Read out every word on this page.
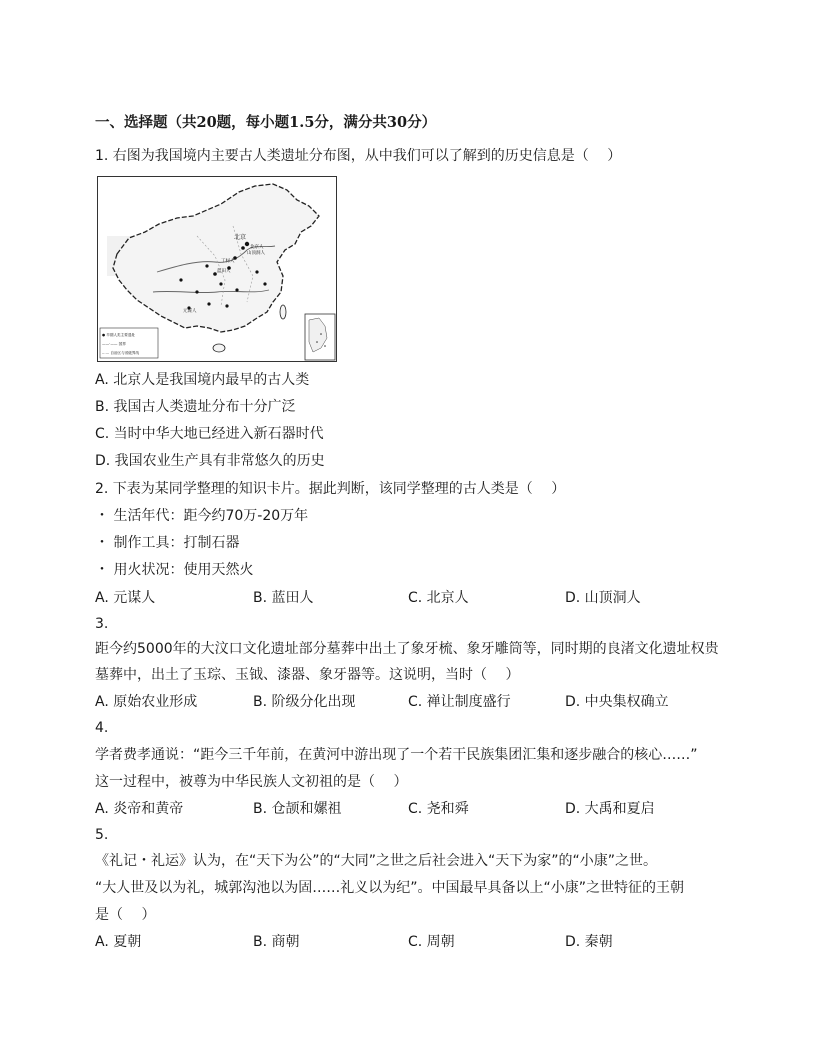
一、选择题（共20题，每小题1.5分，满分共30分）
1. 右图为我国境内主要古人类遗址分布图，从中我们可以了解到的历史信息是（　 ）
北京
北京人
丁村人
蓝田人
元谋人
山顶洞人
● 早期人类主要遗址
——·—— 国界
…… 自治区与省级界线
A. 北京人是我国境内最早的古人类
B. 我国古人类遗址分布十分广泛
C. 当时中华大地已经进入新石器时代
D. 我国农业生产具有非常悠久的历史
2. 下表为某同学整理的知识卡片。据此判断，该同学整理的古人类是（　 ）
・ 生活年代：距今约70万-20万年
・ 制作工具：打制石器
・ 用火状况：使用天然火
A. 元谋人	B. 蓝田人	C. 北京人	D. 山顶洞人
3.
距今约5000年的大汶口文化遗址部分墓葬中出土了象牙梳、象牙雕筒等，同时期的良渚文化遗址权贵
墓葬中，出土了玉琮、玉钺、漆器、象牙器等。这说明，当时（　 ）
A. 原始农业形成	B. 阶级分化出现	C. 禅让制度盛行	D. 中央集权确立
4.
学者费孝通说：“距今三千年前，在黄河中游出现了一个若干民族集团汇集和逐步融合的核心……”
这一过程中，被尊为中华民族人文初祖的是（　 ）
A. 炎帝和黄帝	B. 仓颉和嫘祖	C. 尧和舜	D. 大禹和夏启
5.
《礼记・礼运》认为，在“天下为公”的“大同”之世之后社会进入“天下为家”的“小康”之世。
“大人世及以为礼，城郭沟池以为固……礼义以为纪”。中国最早具备以上“小康”之世特征的王朝
是（　 ）
A. 夏朝	B. 商朝	C. 周朝	D. 秦朝
